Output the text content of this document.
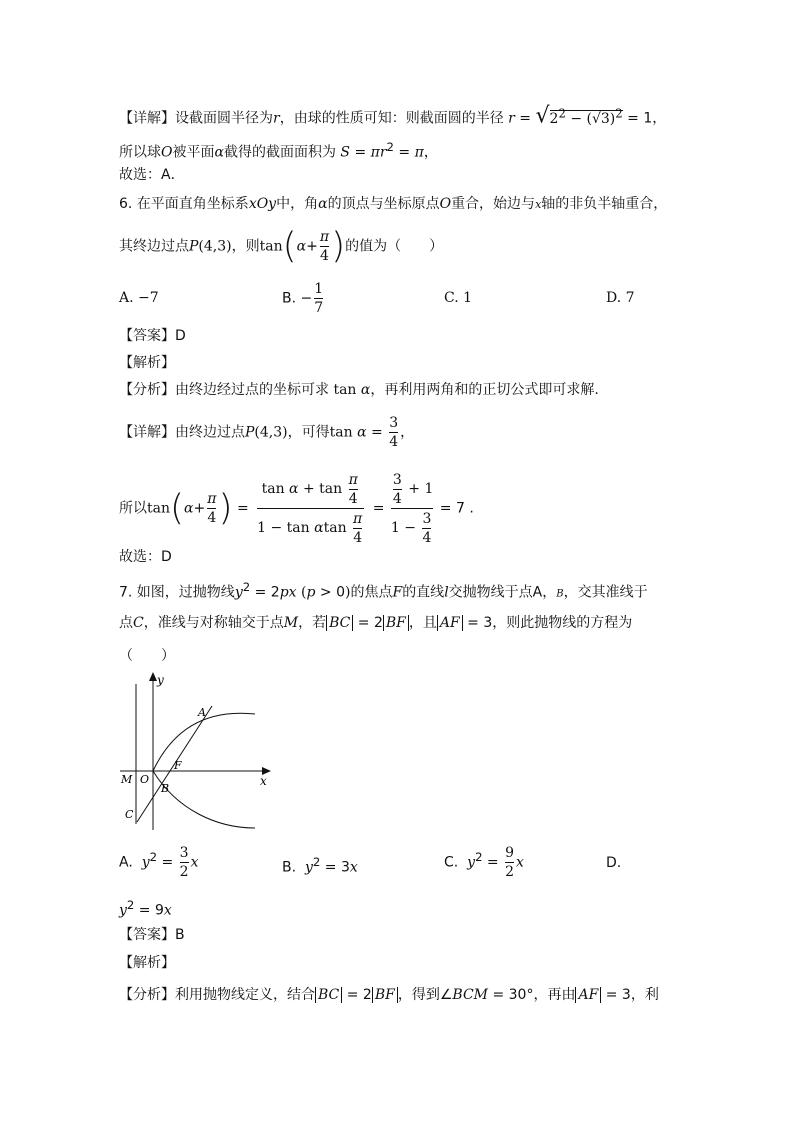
【详解】设截面圆半径为r，由球的性质可知：则截面圆的半径 $r = √2^2 - (√3)^2 = 1$，
所以球O被平面α截得的截面面积为 $S = \pi r^2 = \pi$，
故选：A．
6. 在平面直角坐标系xOy中，角α的顶点与坐标原点O重合，始边与x轴的非负半轴重合，
其终边过点P(4,3)，则$\tan(\alpha+ \frac{\pi}{4}$ )的值为（　　）
A. −7	B. − $\frac{1}{7}$	C. 1	D. 7
【答案】D
【解析】
【分析】由终边经过点的坐标可求 tan α，再利用两角和的正切公式即可求解.
【详解】由终边过点P(4,3)，可得$\tan \alpha = \frac{3}{4}$ ，
所以$\tan(\alpha+ \frac{\pi}{4}$ ) = $\frac{\tan \alpha + \tan \frac{\pi}{4}}{1 - \tan \alpha\tan \frac{\pi}{4}} = \frac{\frac{3}{4} + 1}{1 - \frac{3}{4}} = 7$ .
故选：D
7. 如图，过抛物线$y^2 = 2px$ (p > 0)的焦点F的直线l交抛物线于点A，B，交其准线于
点C，准线与对称轴交于点M，若 BC = 2 BF ，且 AF = 3，则此抛物线的方程为
（　　）
y
x
A
F
B
C
M O
A. $y^2 = \frac{3}{2}$ x	B. $y^2 = 3x$	C. $y^2 = \frac{9}{2}$ x	D.
$y^2 = 9x$
【答案】B
【解析】
【分析】利用抛物线定义，结合 BC = 2 BF ，得到∠BCM = 30°，再由 AF = 3，利
